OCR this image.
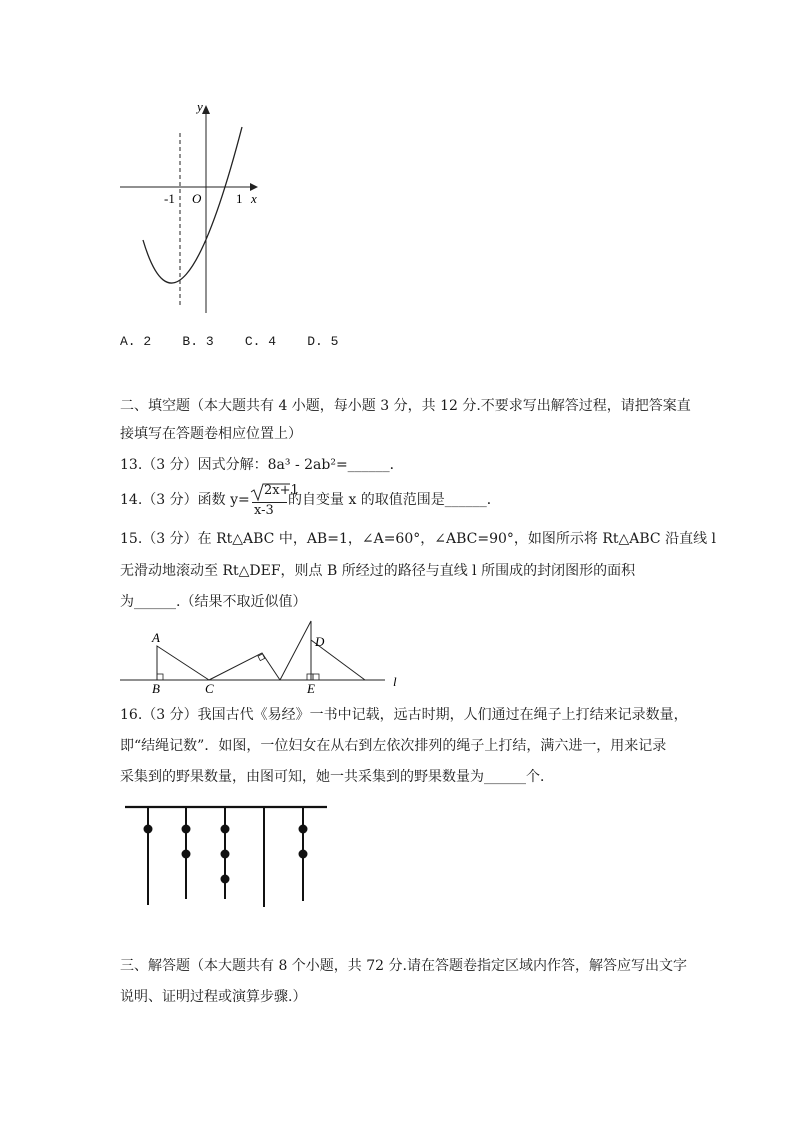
y
x
O
-1	1
A. 2    B. 3    C. 4    D. 5
二、填空题（本大题共有 4 小题，每小题 3 分，共 12 分.不要求写出解答过程，请把答案直
接填写在答题卷相应位置上）
13.（3 分）因式分解：8a³ - 2ab²=______．
14.（3 分）函数 y=
2x+1
x-3
的自变量 x 的取值范围是______．
15.（3 分）在 Rt△ABC 中，AB=1，∠A=60°，∠ABC=90°，如图所示将 Rt△ABC 沿直线 l
无滑动地滚动至 Rt△DEF，则点 B 所经过的路径与直线 l 所围成的封闭图形的面积
为______.（结果不取近似值）
A
B	C
D
E	l
16.（3 分）我国古代《易经》一书中记载，远古时期，人们通过在绳子上打结来记录数量，
即“结绳记数”．如图，一位妇女在从右到左依次排列的绳子上打结，满六进一，用来记录
采集到的野果数量，由图可知，她一共采集到的野果数量为______个．
三、解答题（本大题共有 8 个小题，共 72 分.请在答题卷指定区域内作答，解答应写出文字
说明、证明过程或演算步骤.）
